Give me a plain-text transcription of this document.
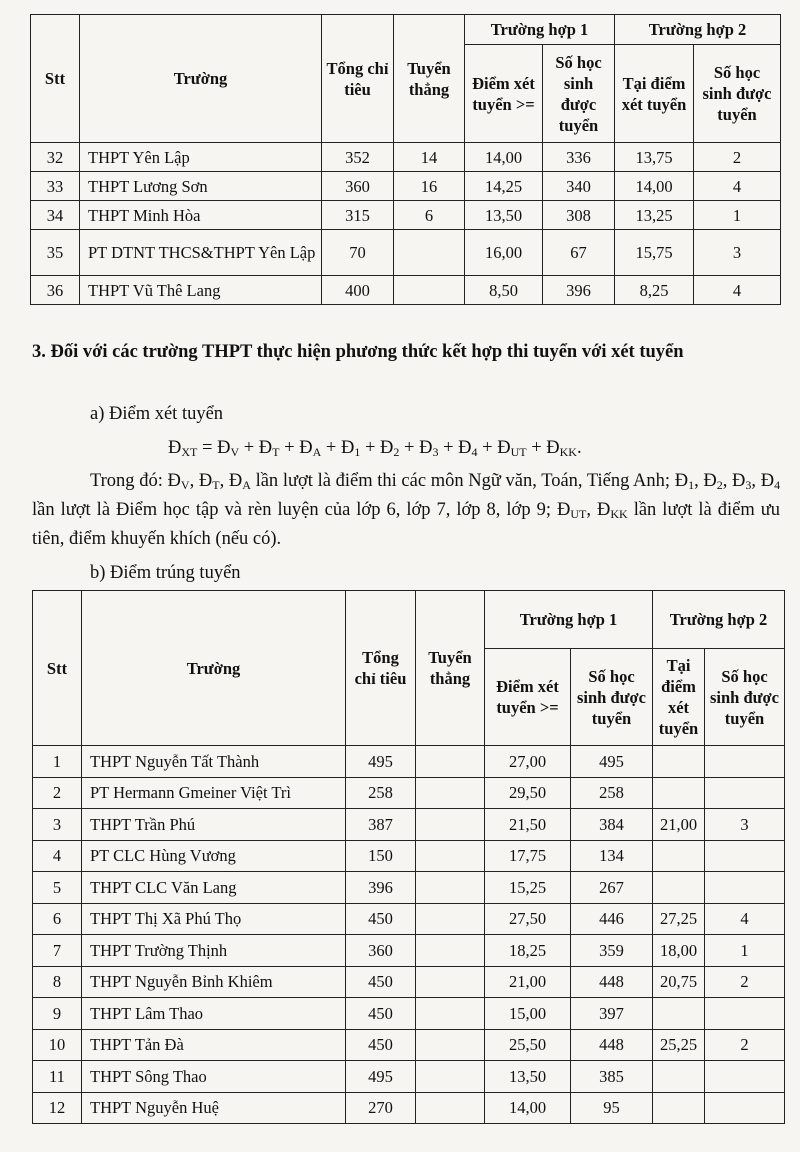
Stt	Trường	Tổng chỉ tiêu	Tuyển thẳng	Trường hợp 1		Trường hợp 2	
				Điểm xét tuyển >=	Số học sinh được tuyển	Tại điểm xét tuyển	Số học sinh được tuyển
32	THPT Yên Lập	352	14	14,00	336	13,75	2
33	THPT Lương Sơn	360	16	14,25	340	14,00	4
34	THPT Minh Hòa	315	6	13,50	308	13,25	1
35	PT DTNT THCS&THPT Yên Lập	70		16,00	67	15,75	3
36	THPT Vũ Thê Lang	400		8,50	396	8,25	4
3. Đối với các trường THPT thực hiện phương thức kết hợp thi tuyển với xét tuyển
a) Điểm xét tuyển
$Đ_{XT}$ = $Đ_V$ + $Đ_T$ + $Đ_A$ + $Đ_1$ + $Đ_2$ + $Đ_3$ + $Đ_4$ + $Đ_{UT}$ + $Đ_{KK}$.
Trong đó: $Đ_V$, $Đ_T$, $Đ_A$ lần lượt là điểm thi các môn Ngữ văn, Toán, Tiếng Anh; $Đ_1$, $Đ_2$, $Đ_3$, $Đ_4$ lần lượt là Điểm học tập và rèn luyện của lớp 6, lớp 7, lớp 8, lớp 9; $Đ_{UT}$, $Đ_{KK}$ lần lượt là điểm ưu tiên, điểm khuyến khích (nếu có).
b) Điểm trúng tuyển
Stt	Trường	Tổng chỉ tiêu	Tuyển thẳng	Trường hợp 1		Trường hợp 2	
				Điểm xét tuyển >=	Số học sinh được tuyển	Tại điểm xét tuyển	Số học sinh được tuyển
1	THPT Nguyễn Tất Thành	495		27,00	495		
2	PT Hermann Gmeiner Việt Trì	258		29,50	258		
3	THPT Trần Phú	387		21,50	384	21,00	3
4	PT CLC Hùng Vương	150		17,75	134		
5	THPT CLC Văn Lang	396		15,25	267		
6	THPT Thị Xã Phú Thọ	450		27,50	446	27,25	4
7	THPT Trường Thịnh	360		18,25	359	18,00	1
8	THPT Nguyễn Bỉnh Khiêm	450		21,00	448	20,75	2
9	THPT Lâm Thao	450		15,00	397		
10	THPT Tản Đà	450		25,50	448	25,25	2
11	THPT Sông Thao	495		13,50	385		
12	THPT Nguyễn Huệ	270		14,00	95		
